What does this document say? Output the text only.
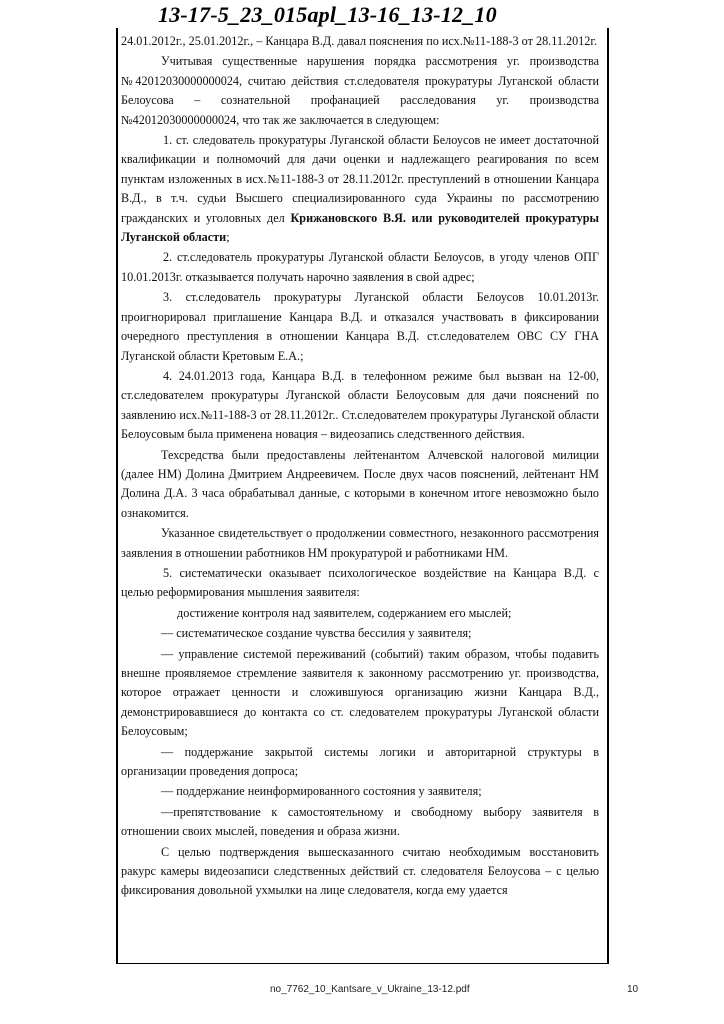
13-17-5_23_015apl_13-16_13-12_10

24.01.2012г., 25.01.2012г., – Канцара В.Д. давал пояснения по исх.№11-188-3 от 28.11.2012г.

Учитывая существенные нарушения порядка рассмотрения уг. производства №42012030000000024, считаю действия ст.следователя прокуратуры Луганской области Белоусова – сознательной профанацией расследования уг. производства №42012030000000024, что так же заключается в следующем:

1. ст. следователь прокуратуры Луганской области Белоусов не имеет достаточной квалификации и полномочий для дачи оценки и надлежащего реагирования по всем пунктам изложенных в исх.№11-188-3 от 28.11.2012г. преступлений в отношении Канцара В.Д., в т.ч. судьи Высшего специализированного суда Украины по рассмотрению гражданских и уголовных дел Крижановского В.Я. или руководителей прокуратуры Луганской области;

2. ст.следователь прокуратуры Луганской области Белоусов, в угоду членов ОПГ 10.01.2013г. отказывается получать нарочно заявления в свой адрес;

3. ст.следователь прокуратуры Луганской области Белоусов 10.01.2013г. проигнорировал приглашение Канцара В.Д. и отказался участвовать в фиксировании очередного преступления в отношении Канцара В.Д. ст.следователем ОВС СУ ГНА Луганской области Кретовым Е.А.;

4. 24.01.2013 года, Канцара В.Д. в телефонном режиме был вызван на 12-00, ст.следователем прокуратуры Луганской области Белоусовым для дачи пояснений по заявлению исх.№11-188-3 от 28.11.2012г.. Ст.следователем прокуратуры Луганской области Белоусовым была применена новация – видеозапись следственного действия.

Техсредства были предоставлены лейтенантом Алчевской налоговой милиции (далее НМ) Долина Дмитрием Андреевичем. После двух часов пояснений, лейтенант НМ Долина Д.А. 3 часа обрабатывал данные, с которыми в конечном итоге невозможно было ознакомится.

Указанное свидетельствует о продолжении совместного, незаконного рассмотрения заявления в отношении работников НМ прокуратурой и работниками НМ.

5. систематически оказывает психологическое воздействие на Канцара В.Д. с целью реформирования мышления заявителя:

достижение контроля над заявителем, содержанием его мыслей;

— систематическое создание чувства бессилия у заявителя;

— управление системой переживаний (событий) таким образом, чтобы подавить внешне проявляемое стремление заявителя к законному рассмотрению уг. производства, которое отражает ценности и сложившуюся организацию жизни Канцара В.Д., демонстрировавшиеся до контакта со ст. следователем прокуратуры Луганской области Белоусовым;

— поддержание закрытой системы логики и авторитарной структуры в организации проведения допроса;

— поддержание неинформированного состояния у заявителя;

—препятствование к самостоятельному и свободному выбору заявителя в отношении своих мыслей, поведения и образа жизни.

С целью подтверждения вышесказанного считаю необходимым восстановить ракурс камеры видеозаписи следственных действий ст. следователя Белоусова – с целью фиксирования довольной ухмылки на лице следователя, когда ему удается

no_7762_10_Kantsare_v_Ukraine_13-12.pdf	10
